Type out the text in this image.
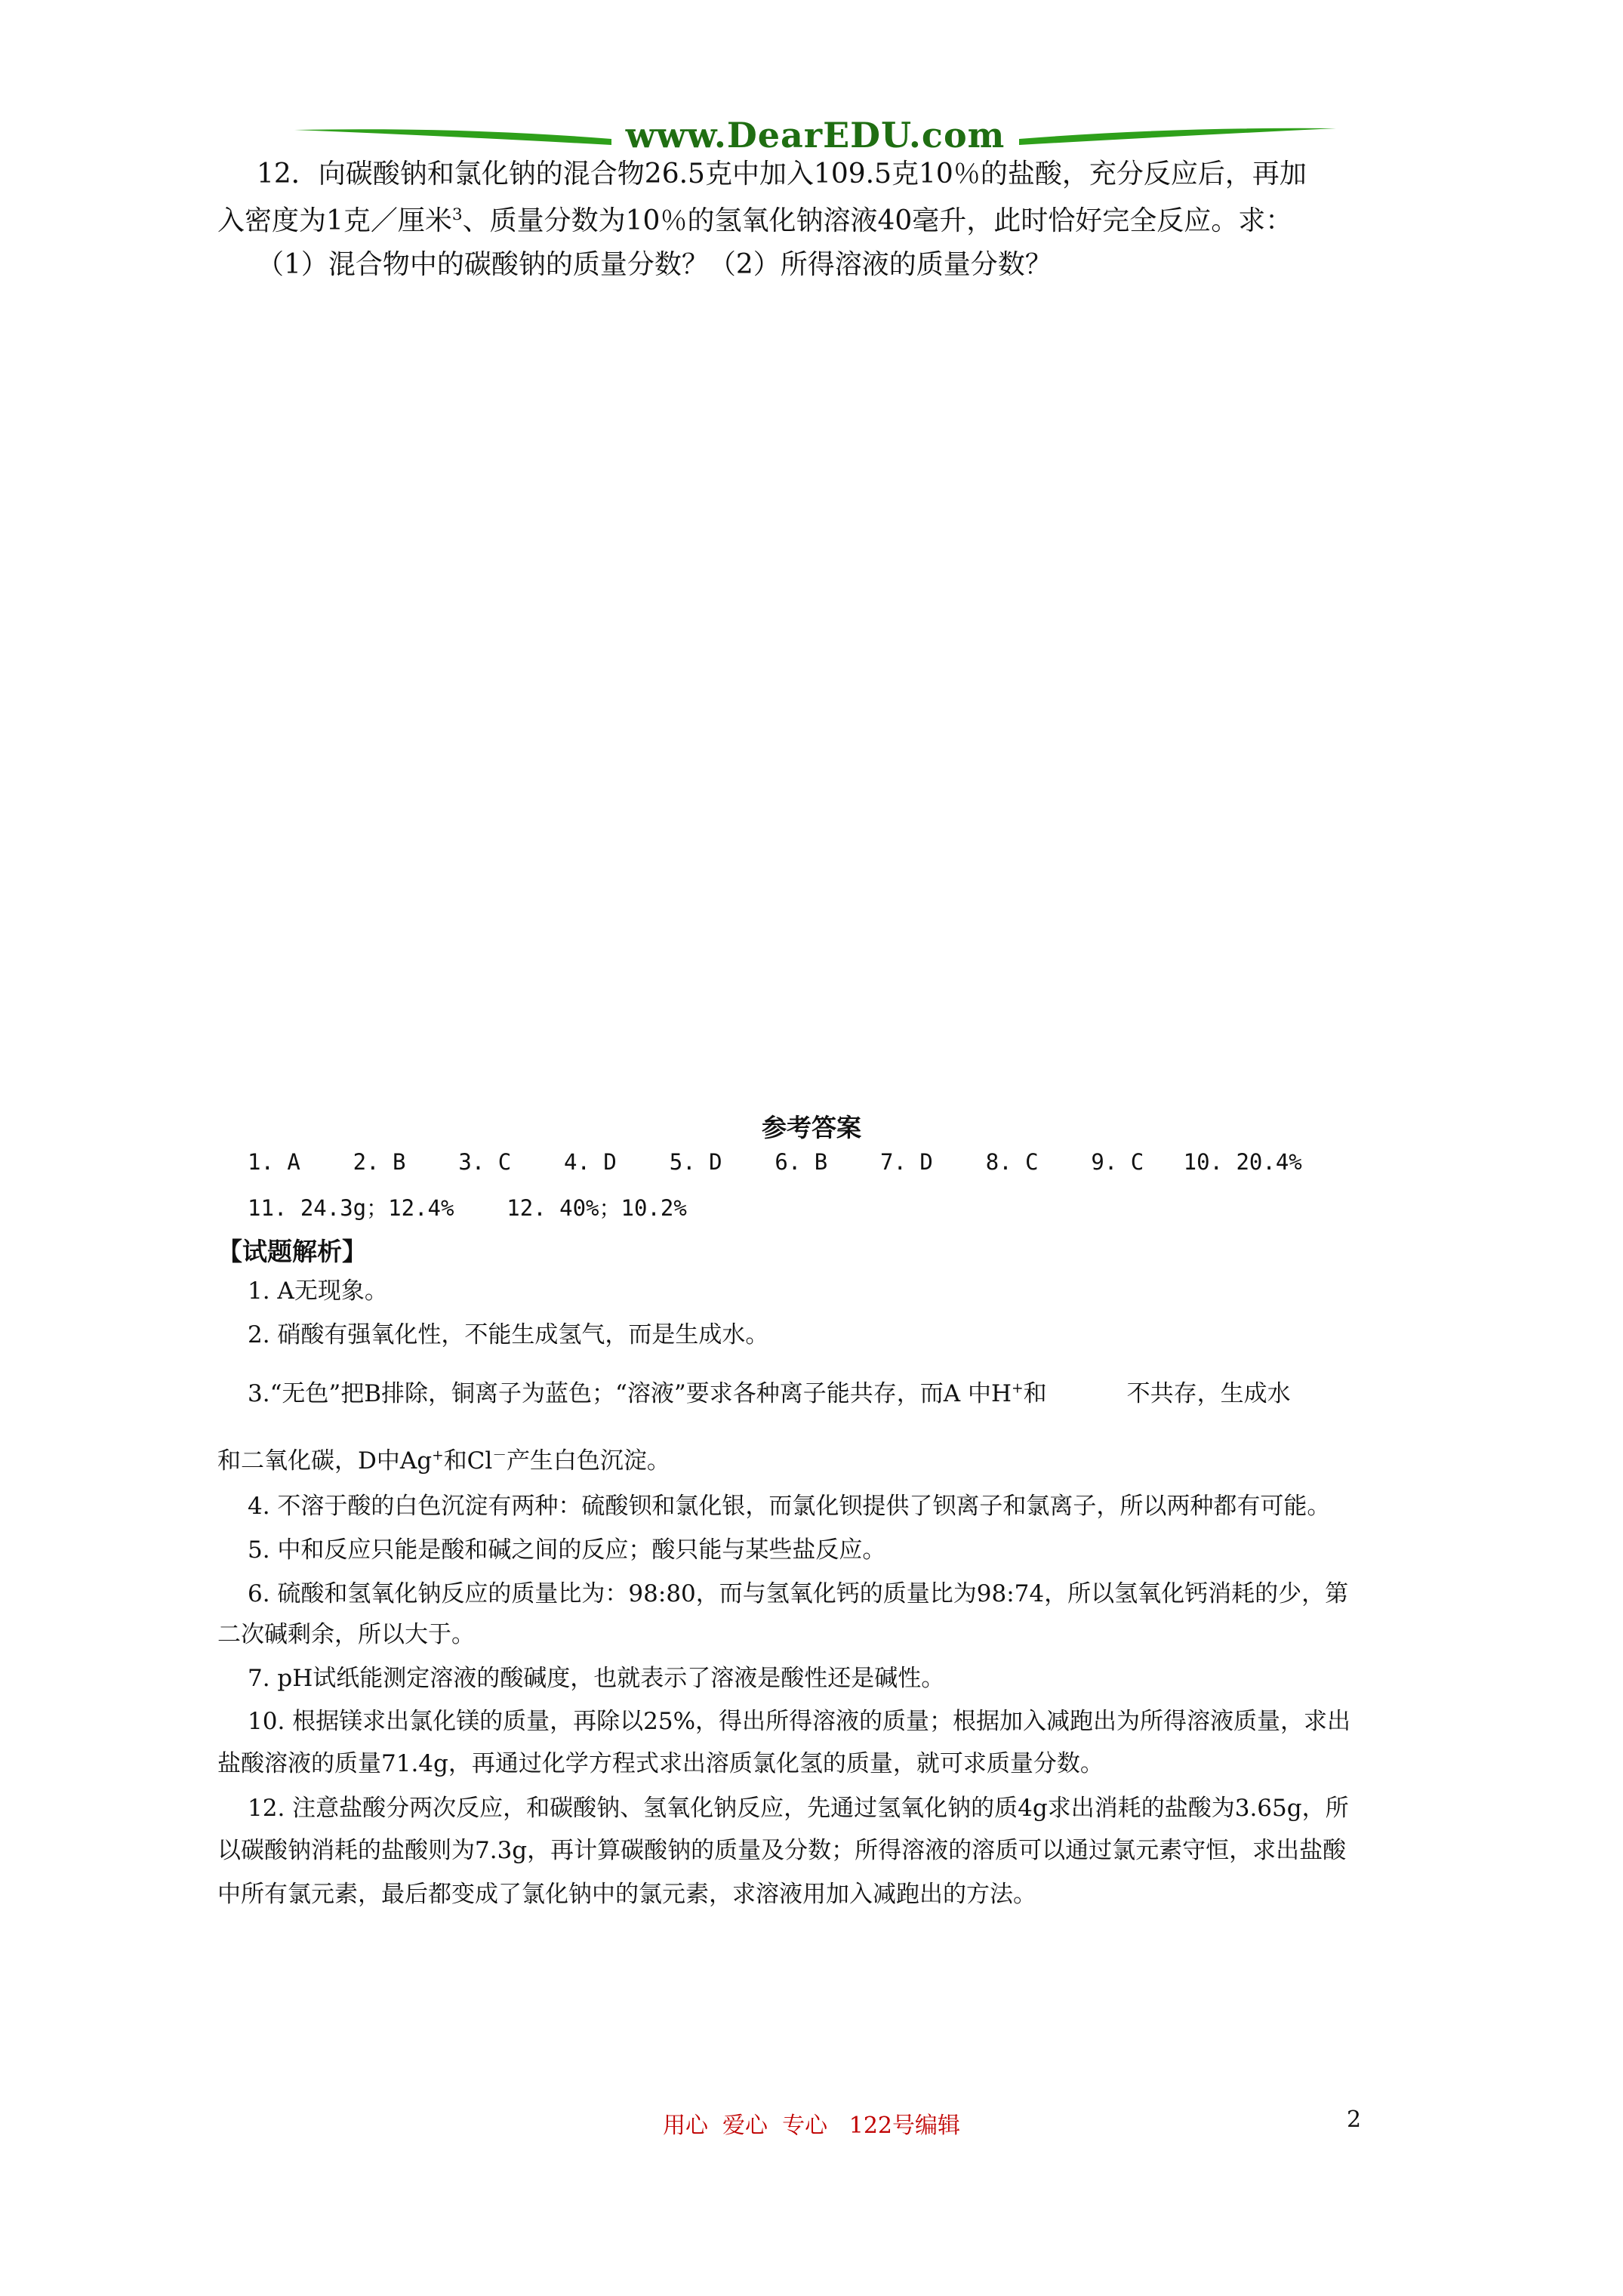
www.DearEDU.com
12．向碳酸钠和氯化钠的混合物26.5克中加入109.5克10％的盐酸，充分反应后，再加
入密度为1克／厘米$^3$、质量分数为10％的氢氧化钠溶液40毫升，此时恰好完全反应。求：
（1）混合物中的碳酸钠的质量分数？（2）所得溶液的质量分数？
参考答案
1. A    2. B    3. C    4. D    5. D    6. B    7. D    8. C    9. C   10. 20.4%
11. 24.3g；12.4%    12. 40%；10.2%
【试题解析】
1. A无现象。
2. 硝酸有强氧化性，不能生成氢气，而是生成水。
3.“无色”把B排除，铜离子为蓝色；“溶液”要求各种离子能共存，而A 中H+和	不共存，生成水
和二氧化碳，D中Ag+和Cl－产生白色沉淀。
4. 不溶于酸的白色沉淀有两种：硫酸钡和氯化银，而氯化钡提供了钡离子和氯离子，所以两种都有可能。
5. 中和反应只能是酸和碱之间的反应；酸只能与某些盐反应。
6. 硫酸和氢氧化钠反应的质量比为：98:80，而与氢氧化钙的质量比为98:74，所以氢氧化钙消耗的少，第
二次碱剩余，所以大于。
7. pH试纸能测定溶液的酸碱度，也就表示了溶液是酸性还是碱性。
10. 根据镁求出氯化镁的质量，再除以25%，得出所得溶液的质量；根据加入减跑出为所得溶液质量，求出
盐酸溶液的质量71.4g，再通过化学方程式求出溶质氯化氢的质量，就可求质量分数。
12. 注意盐酸分两次反应，和碳酸钠、氢氧化钠反应，先通过氢氧化钠的质4g求出消耗的盐酸为3.65g，所
以碳酸钠消耗的盐酸则为7.3g，再计算碳酸钠的质量及分数；所得溶液的溶质可以通过氯元素守恒，求出盐酸
中所有氯元素，最后都变成了氯化钠中的氯元素，求溶液用加入减跑出的方法。
用心  爱心  专心   122号编辑	2
